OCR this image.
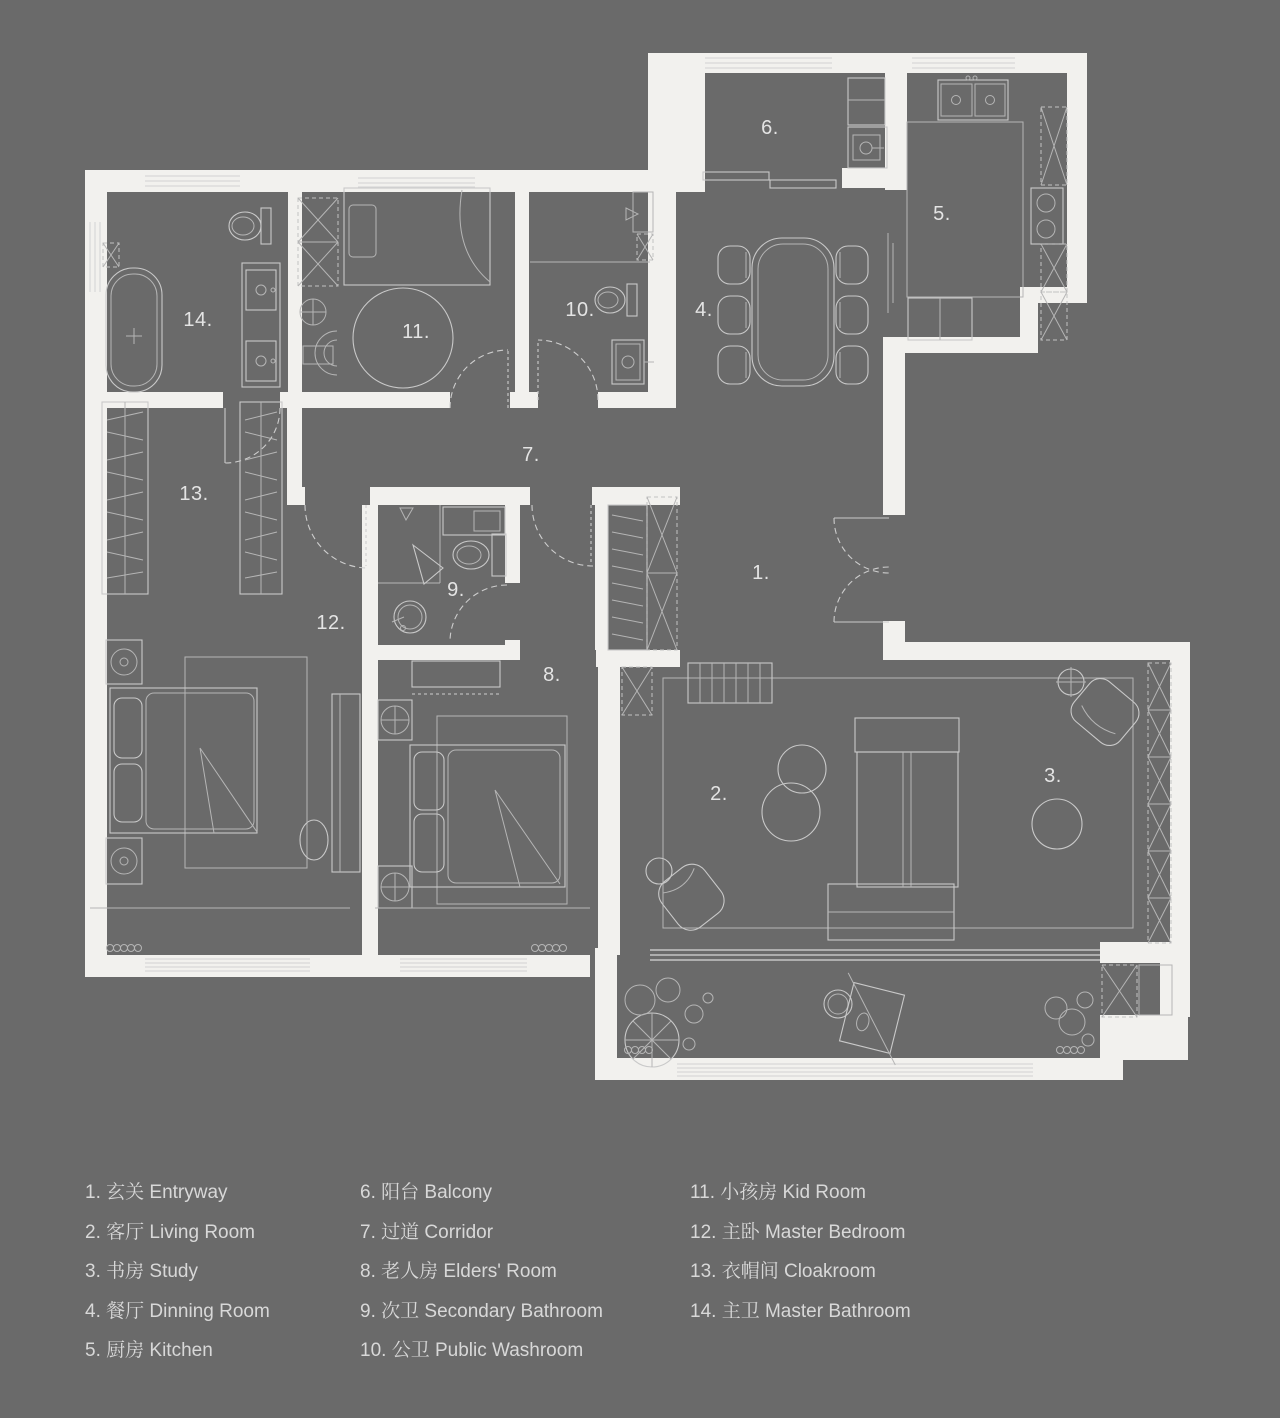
1.
2.
3.
4.
5.
6.
7.
8.
9.
10.
11.
12.
13.
14.
1. 玄关 Entryway
2. 客厅 Living Room
3. 书房 Study
4. 餐厅 Dinning Room
5. 厨房 Kitchen
6. 阳台 Balcony
7. 过道 Corridor
8. 老人房 Elders' Room
9. 次卫 Secondary Bathroom
10. 公卫 Public Washroom
11. 小孩房 Kid Room
12. 主卧 Master Bedroom
13. 衣帽间 Cloakroom
14. 主卫 Master Bathroom
